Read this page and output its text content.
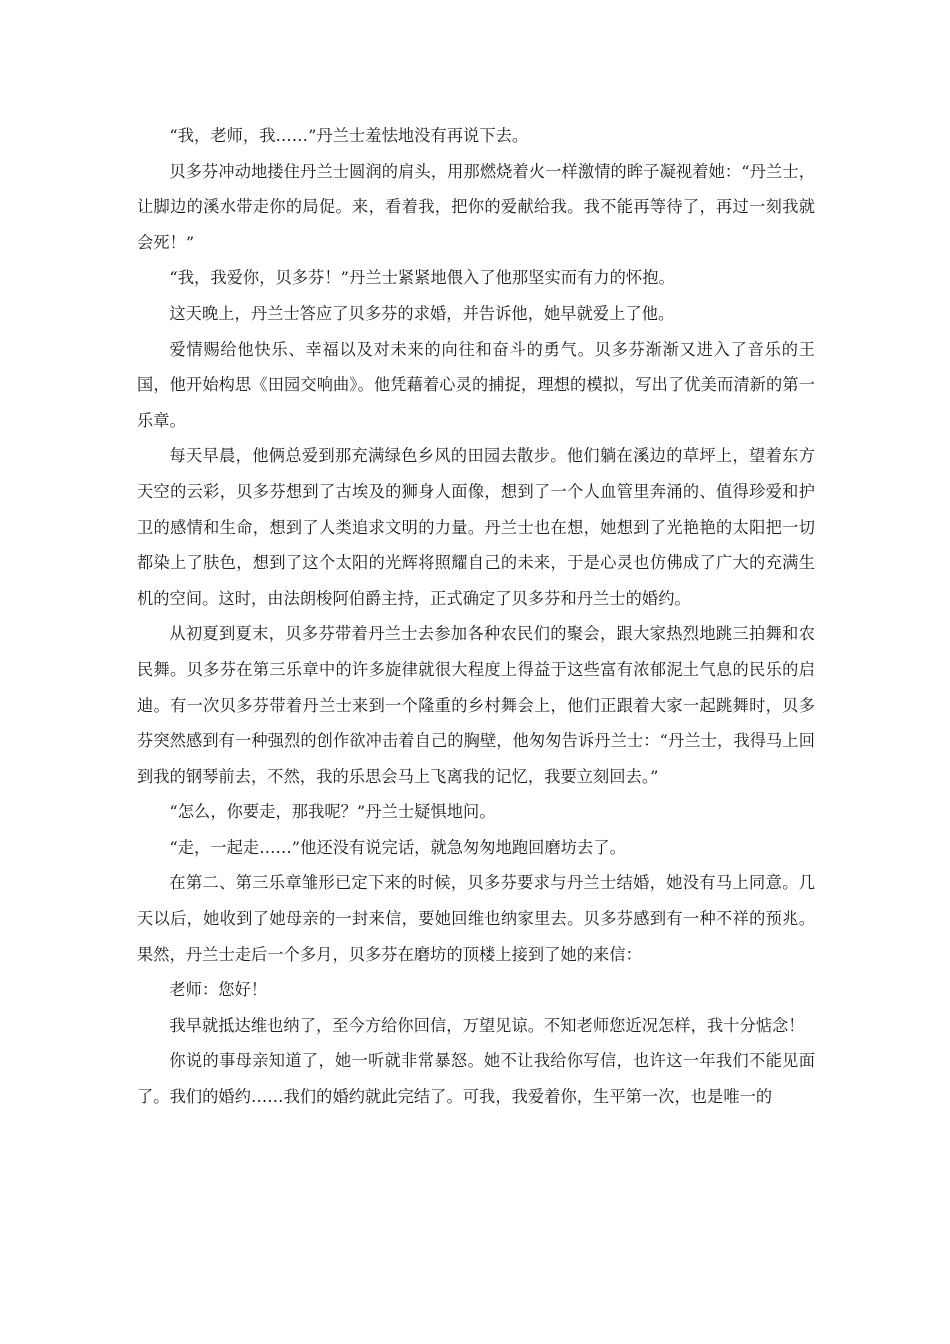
“我，老师，我……”丹兰士羞怯地没有再说下去。

贝多芬冲动地搂住丹兰士圆润的肩头，用那燃烧着火一样激情的眸子凝视着她：“丹兰士，让脚边的溪水带走你的局促。来，看着我，把你的爱献给我。我不能再等待了，再过一刻我就会死！”

“我，我爱你，贝多芬！”丹兰士紧紧地偎入了他那坚实而有力的怀抱。

这天晚上，丹兰士答应了贝多芬的求婚，并告诉他，她早就爱上了他。

爱情赐给他快乐、幸福以及对未来的向往和奋斗的勇气。贝多芬渐渐又进入了音乐的王国，他开始构思《田园交响曲》。他凭藉着心灵的捕捉，理想的模拟，写出了优美而清新的第一乐章。

每天早晨，他俩总爱到那充满绿色乡风的田园去散步。他们躺在溪边的草坪上，望着东方天空的云彩，贝多芬想到了古埃及的狮身人面像，想到了一个人血管里奔涌的、值得珍爱和护卫的感情和生命，想到了人类追求文明的力量。丹兰士也在想，她想到了光艳艳的太阳把一切都染上了肤色，想到了这个太阳的光辉将照耀自己的未来，于是心灵也仿佛成了广大的充满生机的空间。这时，由法朗梭阿伯爵主持，正式确定了贝多芬和丹兰士的婚约。

从初夏到夏末，贝多芬带着丹兰士去参加各种农民们的聚会，跟大家热烈地跳三拍舞和农民舞。贝多芬在第三乐章中的许多旋律就很大程度上得益于这些富有浓郁泥土气息的民乐的启迪。有一次贝多芬带着丹兰士来到一个隆重的乡村舞会上，他们正跟着大家一起跳舞时，贝多芬突然感到有一种强烈的创作欲冲击着自己的胸壁，他匆匆告诉丹兰士：“丹兰士，我得马上回到我的钢琴前去，不然，我的乐思会马上飞离我的记忆，我要立刻回去。”

“怎么，你要走，那我呢？”丹兰士疑惧地问。

“走，一起走……”他还没有说完话，就急匆匆地跑回磨坊去了。

在第二、第三乐章雏形已定下来的时候，贝多芬要求与丹兰士结婚，她没有马上同意。几天以后，她收到了她母亲的一封来信，要她回维也纳家里去。贝多芬感到有一种不祥的预兆。果然，丹兰士走后一个多月，贝多芬在磨坊的顶楼上接到了她的来信：

老师：您好！

我早就抵达维也纳了，至今方给你回信，万望见谅。不知老师您近况怎样，我十分惦念！

你说的事母亲知道了，她一听就非常暴怒。她不让我给你写信，也许这一年我们不能见面了。我们的婚约……我们的婚约就此完结了。可我，我爱着你，生平第一次，也是唯一的
